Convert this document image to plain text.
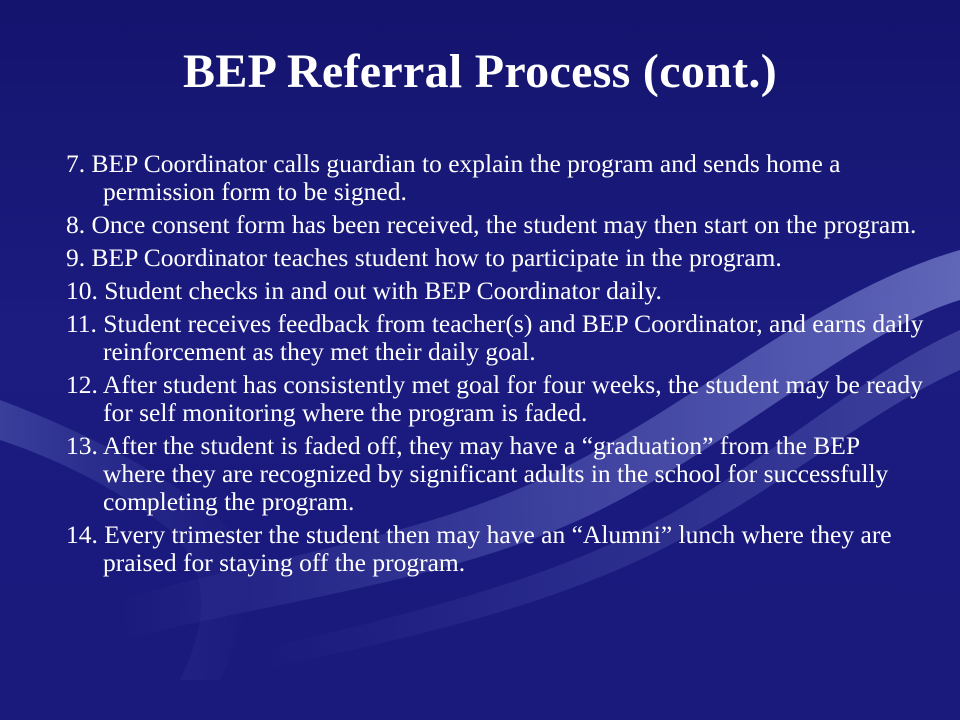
BEP Referral Process (cont.)
7. BEP Coordinator calls guardian to explain the program and sends home a permission form to be signed.
8. Once consent form has been received, the student may then start on the program.
9. BEP Coordinator teaches student how to participate in the program.
10. Student checks in and out with BEP Coordinator daily.
11. Student receives feedback from teacher(s) and BEP Coordinator, and earns daily reinforcement as they met their daily goal.
12. After student has consistently met goal for four weeks, the student may be ready for self monitoring where the program is faded.
13. After the student is faded off, they may have a “graduation” from the BEP where they are recognized by significant adults in the school for successfully completing the program.
14. Every trimester the student then may have an “Alumni” lunch where they are praised for staying off the program.
